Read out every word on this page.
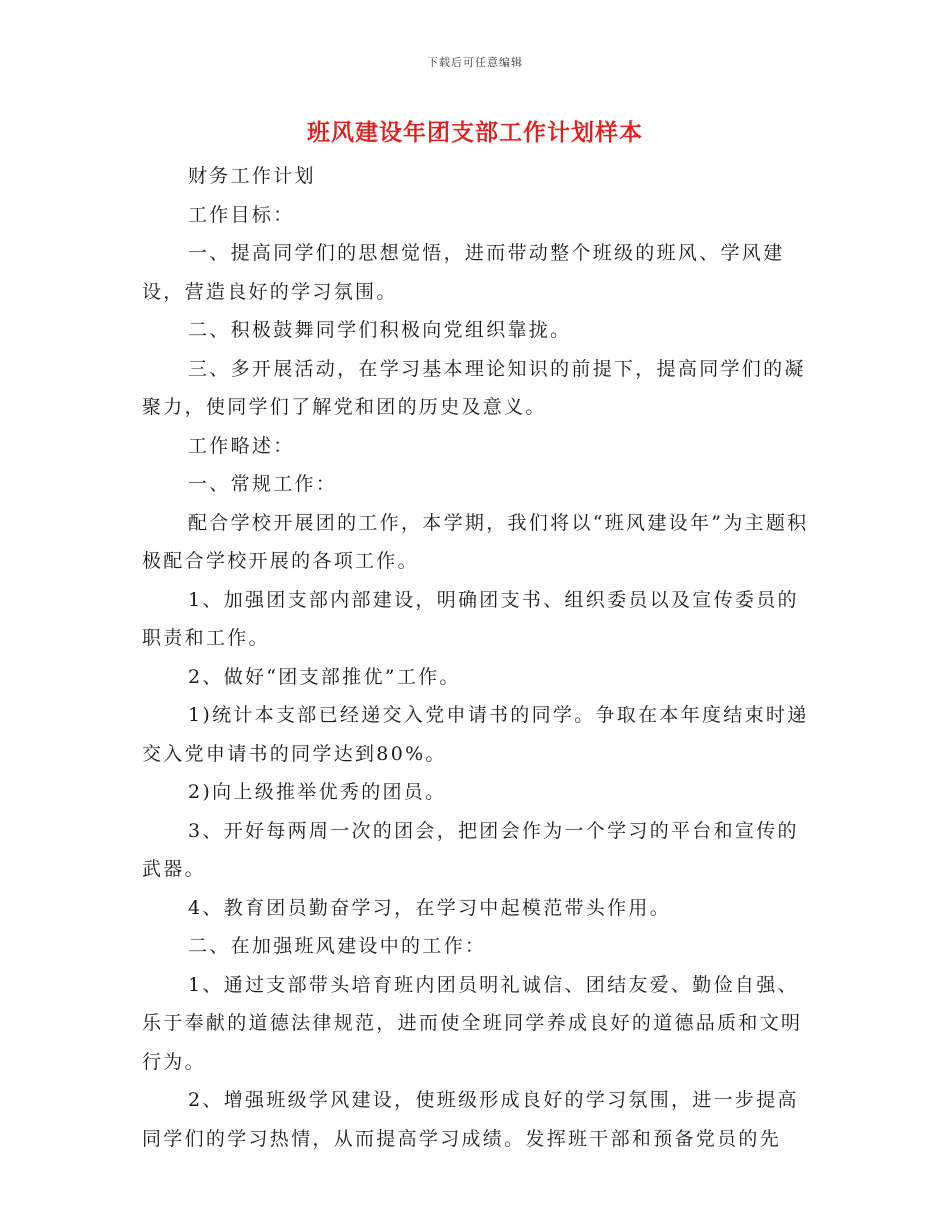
下载后可任意编辑
班风建设年团支部工作计划样本

财务工作计划

工作目标：

一、提高同学们的思想觉悟，进而带动整个班级的班风、学风建设，营造良好的学习氛围。

二、积极鼓舞同学们积极向党组织靠拢。

三、多开展活动，在学习基本理论知识的前提下，提高同学们的凝聚力，使同学们了解党和团的历史及意义。

工作略述：

一、常规工作：

配合学校开展团的工作，本学期，我们将以“班风建设年”为主题积极配合学校开展的各项工作。

1、加强团支部内部建设，明确团支书、组织委员以及宣传委员的职责和工作。

2、做好“团支部推优”工作。

1)统计本支部已经递交入党申请书的同学。争取在本年度结束时递交入党申请书的同学达到80%。

2)向上级推举优秀的团员。

3、开好每两周一次的团会，把团会作为一个学习的平台和宣传的武器。

4、教育团员勤奋学习，在学习中起模范带头作用。

二、在加强班风建设中的工作：

1、通过支部带头培育班内团员明礼诚信、团结友爱、勤俭自强、乐于奉献的道德法律规范，进而使全班同学养成良好的道德品质和文明行为。

2、增强班级学风建设，使班级形成良好的学习氛围，进一步提高同学们的学习热情，从而提高学习成绩。发挥班干部和预备党员的先
